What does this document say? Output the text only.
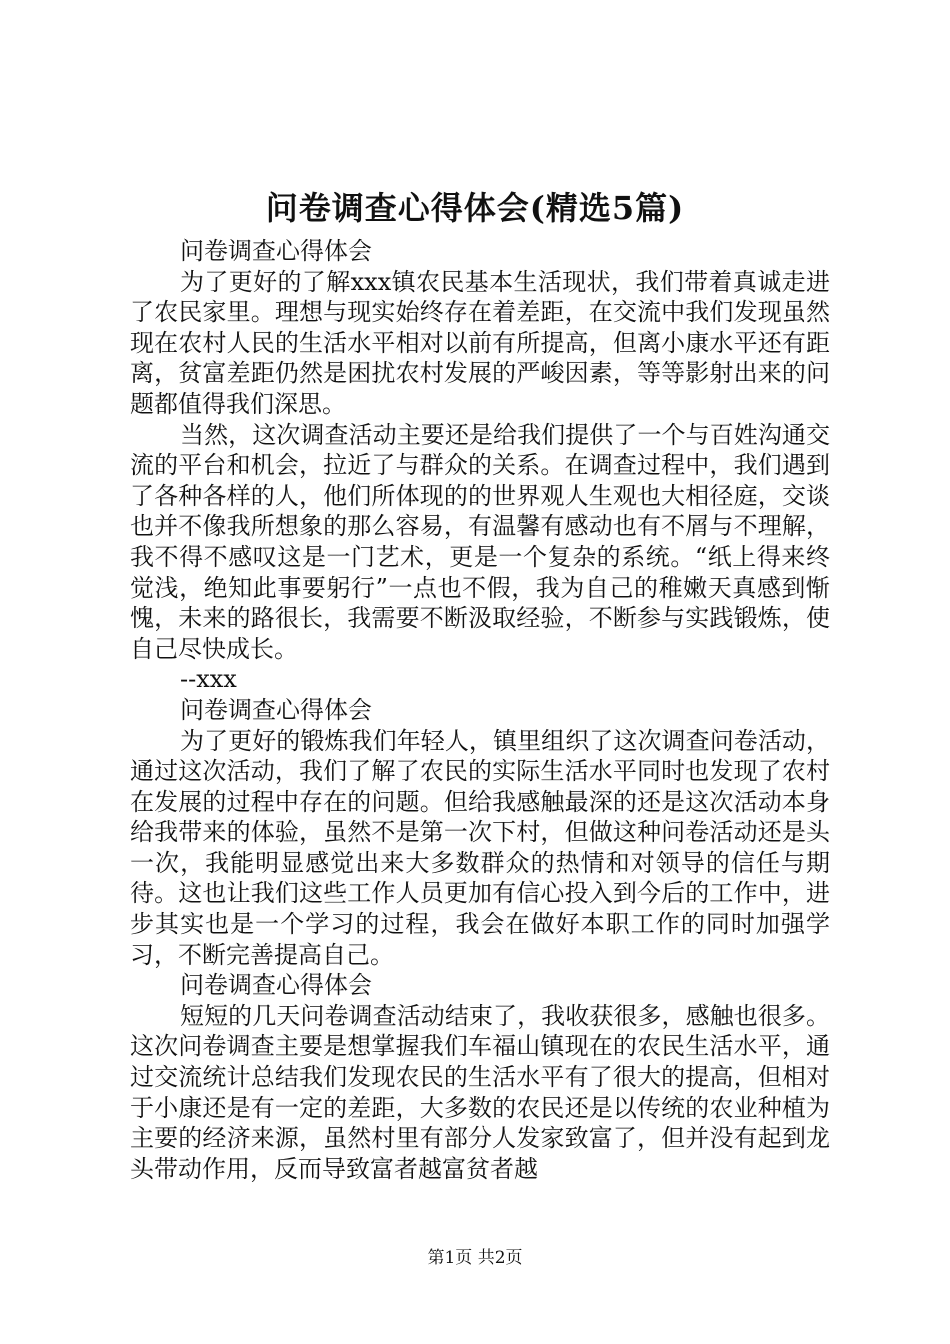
问卷调查心得体会(精选5篇)

问卷调查心得体会

为了更好的了解xxx镇农民基本生活现状，我们带着真诚走进了农民家里。理想与现实始终存在着差距，在交流中我们发现虽然现在农村人民的生活水平相对以前有所提高，但离小康水平还有距离，贫富差距仍然是困扰农村发展的严峻因素，等等影射出来的问题都值得我们深思。

当然，这次调查活动主要还是给我们提供了一个与百姓沟通交流的平台和机会，拉近了与群众的关系。在调查过程中，我们遇到了各种各样的人，他们所体现的的世界观人生观也大相径庭，交谈也并不像我所想象的那么容易，有温馨有感动也有不屑与不理解，我不得不感叹这是一门艺术，更是一个复杂的系统。“纸上得来终觉浅，绝知此事要躬行”一点也不假，我为自己的稚嫩天真感到惭愧，未来的路很长，我需要不断汲取经验，不断参与实践锻炼，使自己尽快成长。

--xxx

问卷调查心得体会

为了更好的锻炼我们年轻人，镇里组织了这次调查问卷活动，通过这次活动，我们了解了农民的实际生活水平同时也发现了农村在发展的过程中存在的问题。但给我感触最深的还是这次活动本身给我带来的体验，虽然不是第一次下村，但做这种问卷活动还是头一次，我能明显感觉出来大多数群众的热情和对领导的信任与期待。这也让我们这些工作人员更加有信心投入到今后的工作中，进步其实也是一个学习的过程，我会在做好本职工作的同时加强学习，不断完善提高自己。

问卷调查心得体会

短短的几天问卷调查活动结束了，我收获很多，感触也很多。这次问卷调查主要是想掌握我们车福山镇现在的农民生活水平，通过交流统计总结我们发现农民的生活水平有了很大的提高，但相对于小康还是有一定的差距，大多数的农民还是以传统的农业种植为主要的经济来源，虽然村里有部分人发家致富了，但并没有起到龙头带动作用，反而导致富者越富贫者越

第1页 共2页
